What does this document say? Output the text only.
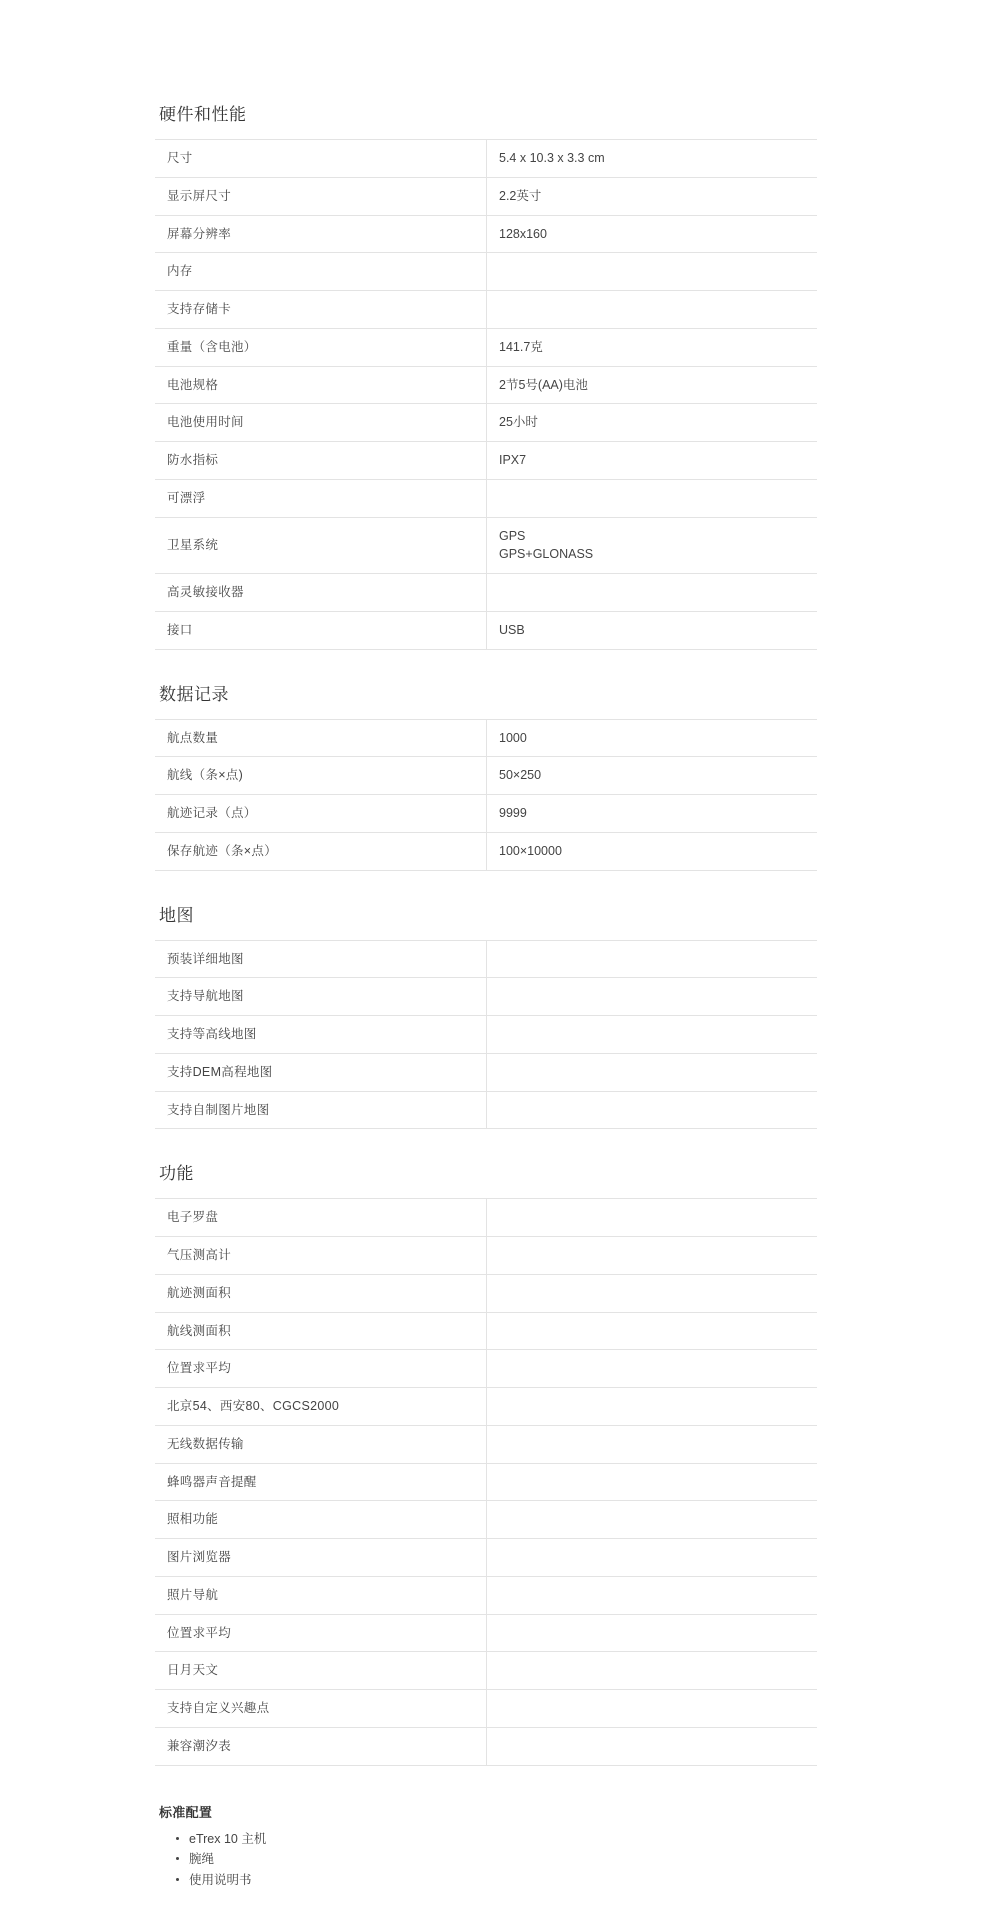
硬件和性能
尺寸	5.4 x 10.3 x 3.3 cm

显示屏尺寸	2.2英寸

屏幕分辨率	128x160

内存	

支持存储卡	

重量（含电池）	141.7克

电池规格	2节5号(AA)电池

电池使用时间	25小时

防水指标	IPX7

可漂浮	

卫星系统	GPS
GPS+GLONASS

高灵敏接收器	

接口	USB
数据记录
航点数量	1000

航线（条×点)	50×250

航迹记录（点）	9999

保存航迹（条×点）	100×10000
地图
预装详细地图	

支持导航地图	

支持等高线地图	

支持DEM高程地图	

支持自制图片地图	
功能
电子罗盘	

气压测高计	

航迹测面积	

航线测面积	

位置求平均	

北京54、西安80、CGCS2000	

无线数据传输	

蜂鸣器声音提醒	

照相功能	

图片浏览器	

照片导航	

位置求平均	

日月天文	

支持自定义兴趣点	

兼容潮汐表	
标准配置
eTrex 10 主机
腕绳
使用说明书
